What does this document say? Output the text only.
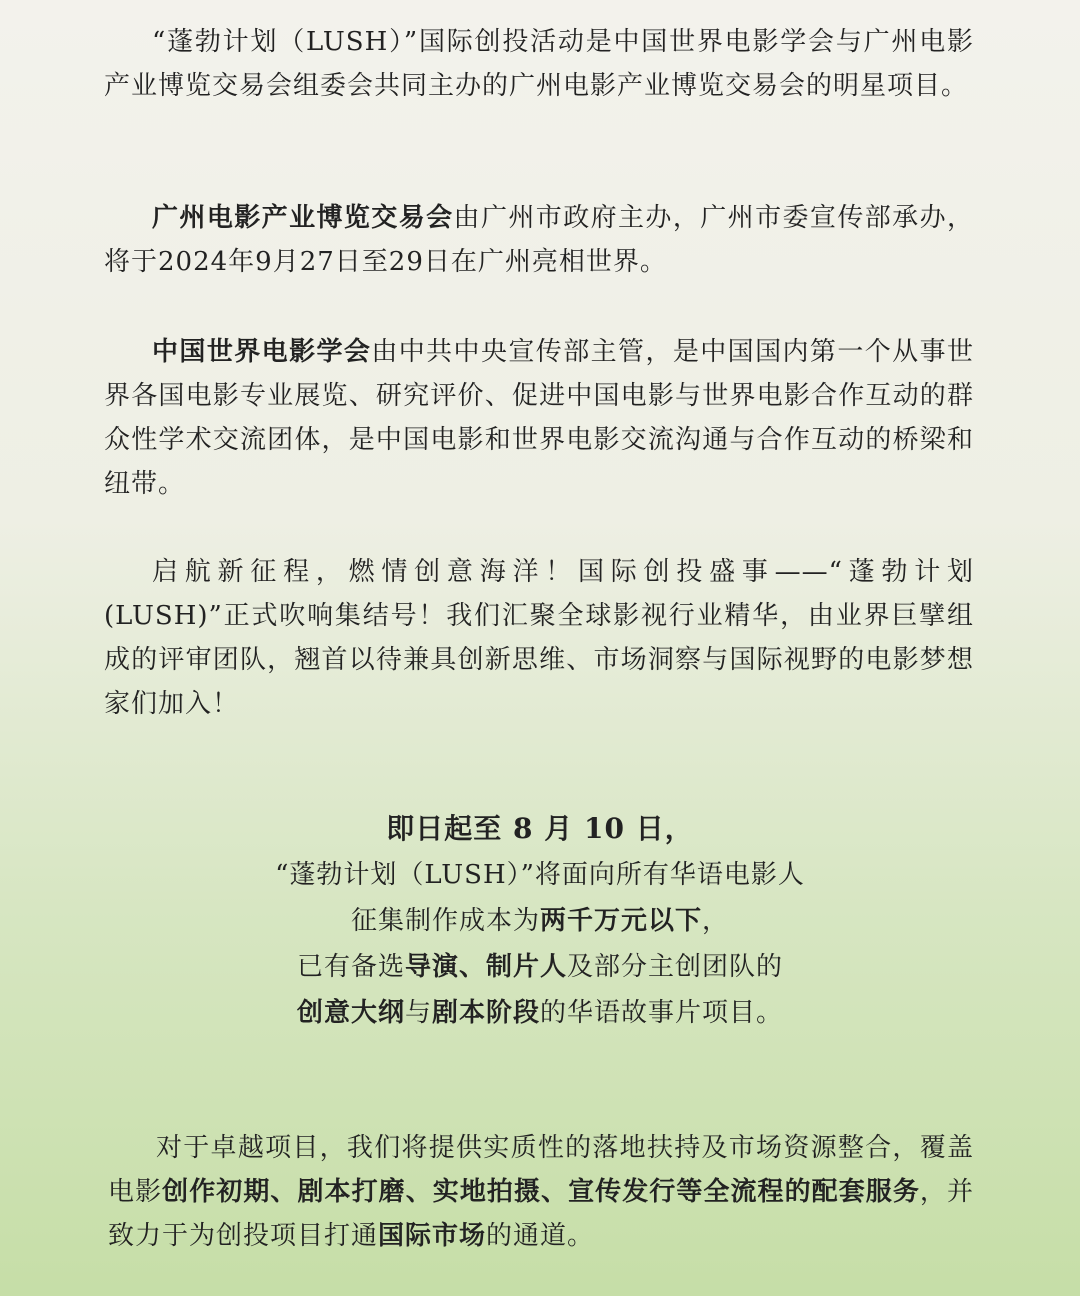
“蓬勃计划（LUSH）”国际创投活动是中国世界电影学会与广州电影产业博览交易会组委会共同主办的广州电影产业博览交易会的明星项目。

广州电影产业博览交易会由广州市政府主办，广州市委宣传部承办，将于2024年9月27日至29日在广州亮相世界。

中国世界电影学会由中共中央宣传部主管，是中国国内第一个从事世界各国电影专业展览、研究评价、促进中国电影与世界电影合作互动的群众性学术交流团体，是中国电影和世界电影交流沟通与合作互动的桥梁和纽带。

启航新征程，燃情创意海洋！国际创投盛事——“蓬勃计划(LUSH)”正式吹响集结号！我们汇聚全球影视行业精华，由业界巨擘组成的评审团队，翘首以待兼具创新思维、市场洞察与国际视野的电影梦想家们加入！

即日起至 8 月 10 日，
“蓬勃计划（LUSH）”将面向所有华语电影人
征集制作成本为两千万元以下，
已有备选导演、制片人及部分主创团队的
创意大纲与剧本阶段的华语故事片项目。

对于卓越项目，我们将提供实质性的落地扶持及市场资源整合，覆盖电影创作初期、剧本打磨、实地拍摄、宣传发行等全流程的配套服务，并致力于为创投项目打通国际市场的通道。
